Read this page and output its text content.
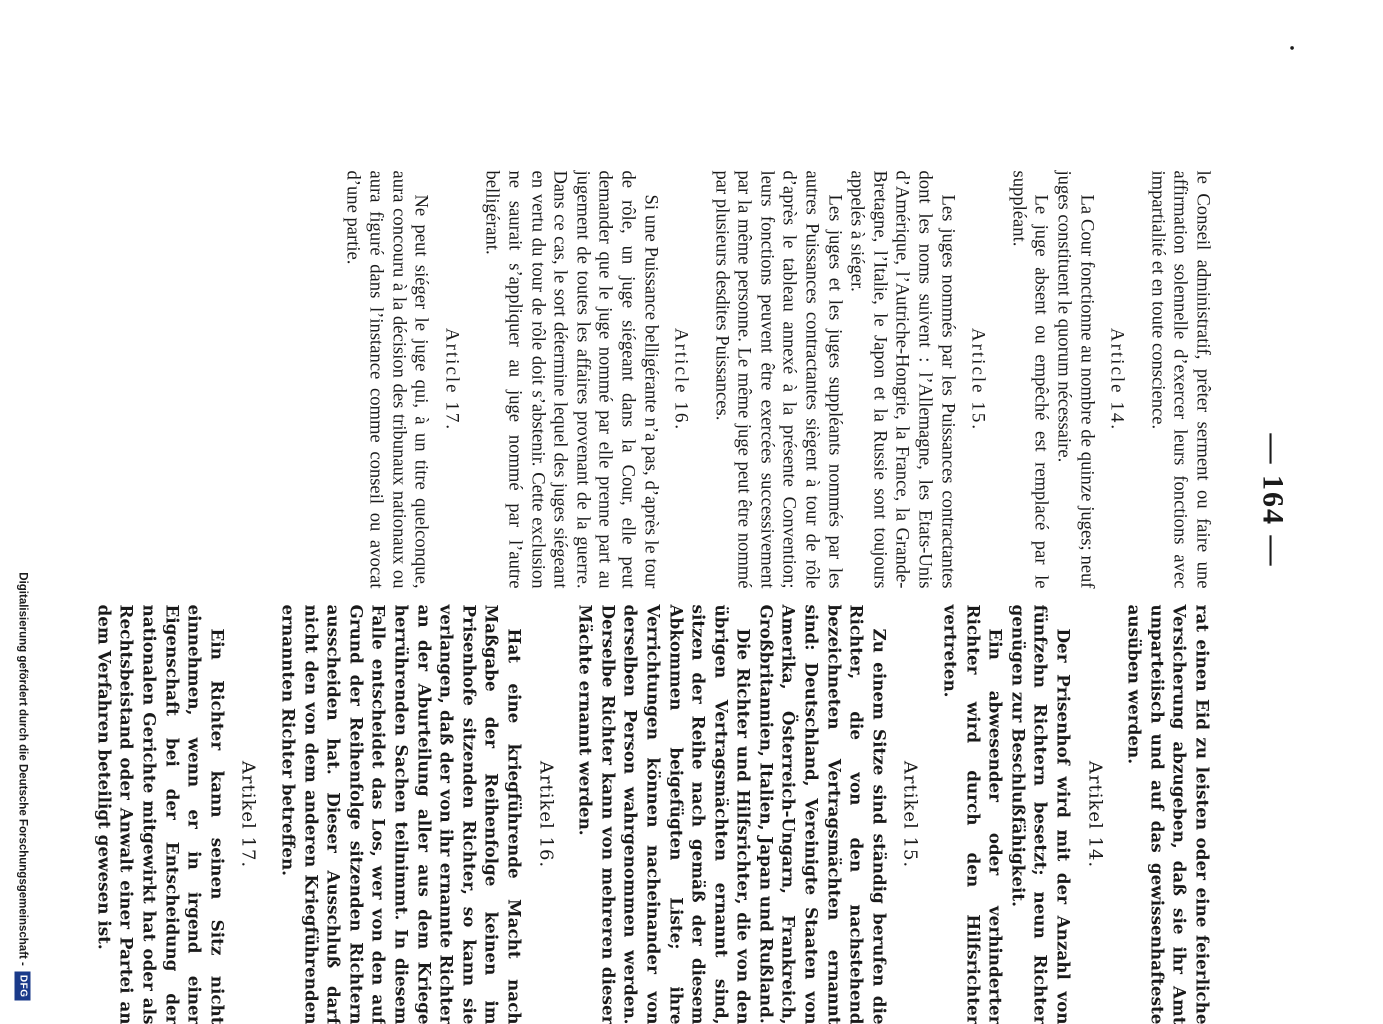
.
— 164 —

le Conseil administratif, prêter serment ou faire une affirmation solennelle d’exercer leurs fonctions avec impartialité et en toute conscience.

Article 14.

La Cour fonctionne au nombre de quinze juges; neuf juges constituent le quorum nécessaire.

Le juge absent ou empêché est remplacé par le suppléant.

Article 15.

Les juges nommés par les Puissances contractantes dont les noms suivent : l’Allemagne, les Etats-Unis d’Amérique, l’Autriche-Hongrie, la France, la Grande-Bretagne, l’Italie, le Japon et la Russie sont toujours appelés à siéger.

Les juges et les juges suppléants nommés par les autres Puissances contractantes siègent à tour de rôle d’après le tableau annexé à la présente Convention; leurs fonctions peuvent être exercées successivement par la même personne. Le même juge peut être nommé par plusieurs desdites Puissances.

Article 16.

Si une Puissance belligérante n’a pas, d’après le tour de rôle, un juge siégeant dans la Cour, elle peut demander que le juge nommé par elle prenne part au jugement de toutes les affaires provenant de la guerre. Dans ce cas, le sort détermine lequel des juges siégeant en vertu du tour de rôle doit s’abstenir. Cette exclusion ne saurait s’appliquer au juge nommé par l’autre belligérant.

Article 17.

Ne peut siéger le juge qui, à un titre quelconque, aura concouru à la décision des tribunaux nationaux ou aura figuré dans l’instance comme conseil ou avocat d’une partie.

rat einen Eid zu leisten oder eine feierliche Versicherung abzugeben, daß sie ihr Amt unparteiisch und auf das gewissenhafteste ausüben werden.

Artikel 14.

Der Prisenhof wird mit der Anzahl von fünfzehn Richtern besetzt; neun Richter genügen zur Beschlußfähigkeit.

Ein abwesender oder verhinderter Richter wird durch den Hilfsrichter vertreten.

Artikel 15.

Zu einem Sitze sind ständig berufen die Richter, die von den nachstehend bezeichneten Vertragsmächten ernannt sind: Deutschland, Vereinigte Staaten von Amerika, Österreich-Ungarn, Frankreich, Großbritannien, Italien, Japan und Rußland.

Die Richter und Hilfsrichter, die von den übrigen Vertragsmächten ernannt sind, sitzen der Reihe nach gemäß der diesem Abkommen beigefügten Liste; ihre Verrichtungen können nacheinander von derselben Person wahrgenommen werden. Derselbe Richter kann von mehreren dieser Mächte ernannt werden.

Artikel 16.

Hat eine kriegführende Macht nach Maßgabe der Reihenfolge keinen im Prisenhofe sitzenden Richter, so kann sie verlangen, daß der von ihr ernannte Richter an der Aburteilung aller aus dem Kriege herrührenden Sachen teilnimmt. In diesem Falle entscheidet das Los, wer von den auf Grund der Reihenfolge sitzenden Richtern ausscheiden hat. Dieser Ausschluß darf nicht den von dem anderen Kriegführenden ernannten Richter betreffen.

Artikel 17.

Ein Richter kann seinen Sitz nicht einnehmen, wenn er in irgend einer Eigenschaft bei der Entscheidung der nationalen Gerichte mitgewirkt hat oder als Rechtsbeistand oder Anwalt einer Partei an dem Verfahren beteiligt gewesen ist.

Digitalisierung gefördert durch die Deutsche Forschungsgemeinschaft -
DFG
